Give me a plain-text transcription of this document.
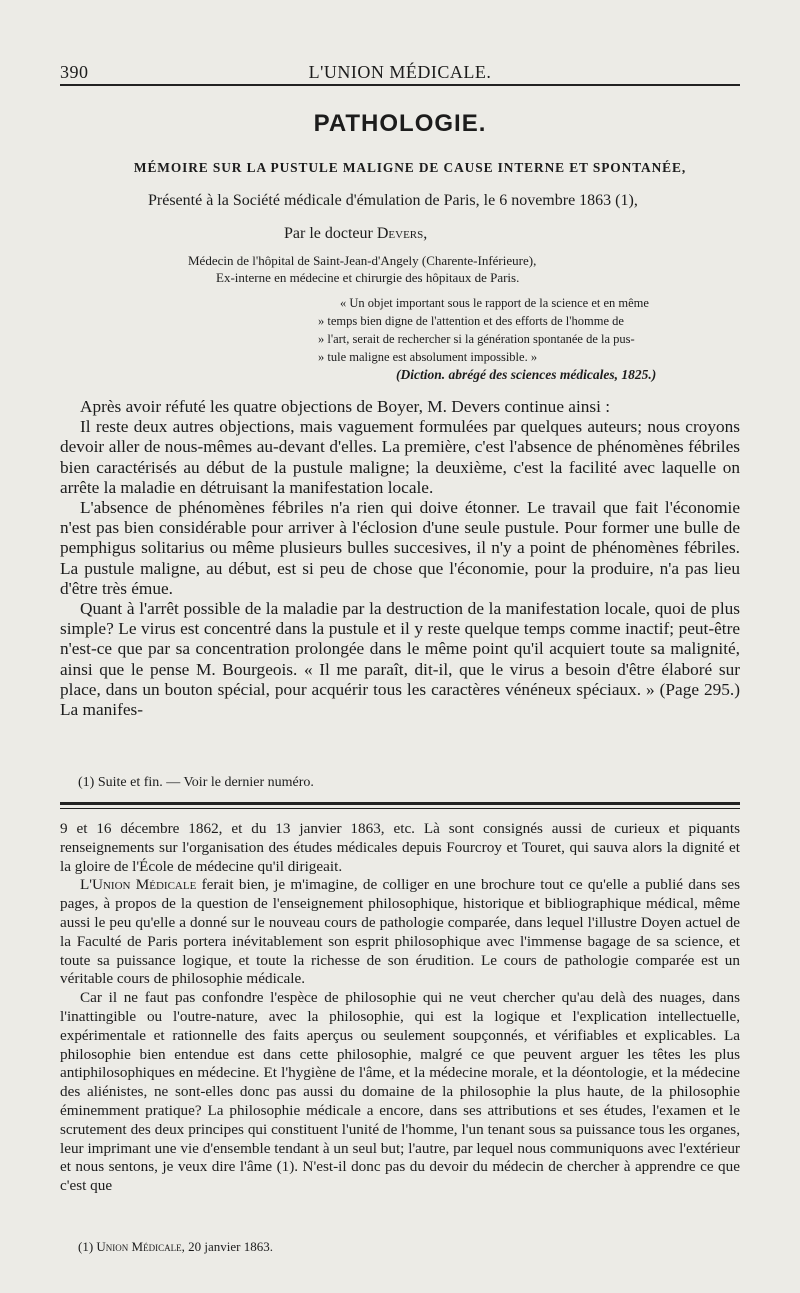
390	L'UNION MÉDICALE.
PATHOLOGIE.
MÉMOIRE SUR LA PUSTULE MALIGNE DE CAUSE INTERNE ET SPONTANÉE,
Présenté à la Société médicale d'émulation de Paris, le 6 novembre 1863 (1),
Par le docteur Devers,
Médecin de l'hôpital de Saint-Jean-d'Angely (Charente-Inférieure),
Ex-interne en médecine et chirurgie des hôpitaux de Paris.
« Un objet important sous le rapport de la science et en même
» temps bien digne de l'attention et des efforts de l'homme de
» l'art, serait de rechercher si la génération spontanée de la pus-
» tule maligne est absolument impossible. »
(Diction. abrégé des sciences médicales, 1825.)

Après avoir réfuté les quatre objections de Boyer, M. Devers continue ainsi :

Il reste deux autres objections, mais vaguement formulées par quelques auteurs; nous croyons devoir aller de nous-mêmes au-devant d'elles. La première, c'est l'absence de phénomènes fébriles bien caractérisés au début de la pustule maligne; la deuxième, c'est la facilité avec laquelle on arrête la maladie en détruisant la manifestation locale.

L'absence de phénomènes fébriles n'a rien qui doive étonner. Le travail que fait l'économie n'est pas bien considérable pour arriver à l'éclosion d'une seule pustule. Pour former une bulle de pemphigus solitarius ou même plusieurs bulles succesives, il n'y a point de phénomènes fébriles. La pustule maligne, au début, est si peu de chose que l'économie, pour la produire, n'a pas lieu d'être très émue.

Quant à l'arrêt possible de la maladie par la destruction de la manifestation locale, quoi de plus simple? Le virus est concentré dans la pustule et il y reste quelque temps comme inactif; peut-être n'est-ce que par sa concentration prolongée dans le même point qu'il acquiert toute sa malignité, ainsi que le pense M. Bourgeois. « Il me paraît, dit-il, que le virus a besoin d'être élaboré sur place, dans un bouton spécial, pour acquérir tous les caractères vénéneux spéciaux. » (Page 295.) La manifes-

(1) Suite et fin. — Voir le dernier numéro.

9 et 16 décembre 1862, et du 13 janvier 1863, etc. Là sont consignés aussi de curieux et piquants renseignements sur l'organisation des études médicales depuis Fourcroy et Touret, qui sauva alors la dignité et la gloire de l'École de médecine qu'il dirigeait.

L'Union Médicale ferait bien, je m'imagine, de colliger en une brochure tout ce qu'elle a publié dans ses pages, à propos de la question de l'enseignement philosophique, historique et bibliographique médical, même aussi le peu qu'elle a donné sur le nouveau cours de pathologie comparée, dans lequel l'illustre Doyen actuel de la Faculté de Paris portera inévitablement son esprit philosophique avec l'immense bagage de sa science, et toute sa puissance logique, et toute la richesse de son érudition. Le cours de pathologie comparée est un véritable cours de philosophie médicale.

Car il ne faut pas confondre l'espèce de philosophie qui ne veut chercher qu'au delà des nuages, dans l'inattingible ou l'outre-nature, avec la philosophie, qui est la logique et l'explication intellectuelle, expérimentale et rationnelle des faits aperçus ou seulement soupçonnés, et vérifiables et explicables. La philosophie bien entendue est dans cette philosophie, malgré ce que peuvent arguer les têtes les plus antiphilosophiques en médecine. Et l'hygiène de l'âme, et la médecine morale, et la déontologie, et la médecine des aliénistes, ne sont-elles donc pas aussi du domaine de la philosophie la plus haute, de la philosophie éminemment pratique? La philosophie médicale a encore, dans ses attributions et ses études, l'examen et le scrutement des deux principes qui constituent l'unité de l'homme, l'un tenant sous sa puissance tous les organes, leur imprimant une vie d'ensemble tendant à un seul but; l'autre, par lequel nous communiquons avec l'extérieur et nous sentons, je veux dire l'âme (1). N'est-il donc pas du devoir du médecin de chercher à apprendre ce que c'est que

(1) Union Médicale, 20 janvier 1863.
